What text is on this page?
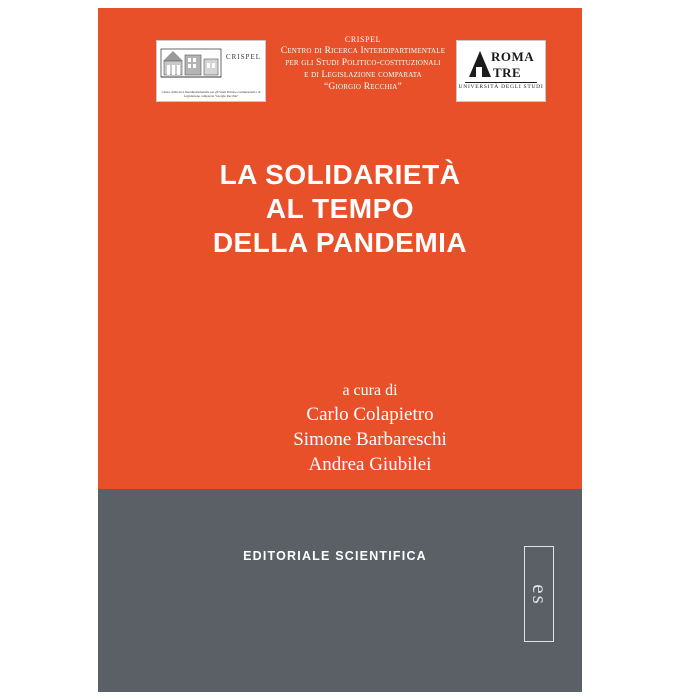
CRISPEL
Centro di Ricerca Interdipartimentale per gli Studi Politico-costituzionali e di Legislazione comparata "Giorgio Recchia"
CRISPEL
Centro di Ricerca Interdipartimentale
per gli Studi Politico-costituzionali
e di Legislazione comparata
“Giorgio Recchia”
ROMA
TRE
UNIVERSITÀ DEGLI STUDI
LA SOLIDARIETÀ
AL TEMPO
DELLA PANDEMIA
a cura di
Carlo Colapietro
Simone Barbareschi
Andrea Giubilei
EDITORIALE SCIENTIFICA
es
